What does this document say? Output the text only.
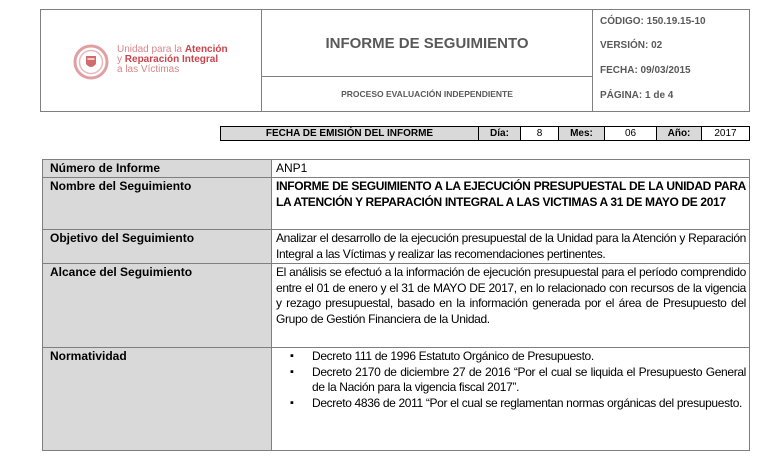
Unidad para la Atención
y Reparación Integral
a las Víctimas
INFORME DE SEGUIMIENTO
PROCESO EVALUACIÓN INDEPENDIENTE
CÓDIGO: 150.19.15-10
VERSIÓN: 02
FECHA: 09/03/2015
PÁGINA: 1 de 4
FECHA DE EMISIÓN DEL INFORME	Día:	8	Mes:	06	Año:	2017
Número de Informe	ANP1
Nombre del Seguimiento	INFORME DE SEGUIMIENTO A LA EJECUCIÓN PRESUPUESTAL DE LA UNIDAD PARA LA ATENCIÓN Y REPARACIÓN INTEGRAL A LAS VICTIMAS A 31 DE MAYO DE 2017
Objetivo del Seguimiento	Analizar el desarrollo de la ejecución presupuestal de la Unidad para la Atención y Reparación Integral a las Víctimas y realizar las recomendaciones pertinentes.
Alcance del Seguimiento	El análisis se efectuó a la información de ejecución presupuestal para el período comprendido entre el 01 de enero y el 31 de MAYO DE 2017, en lo relacionado con recursos de la vigencia y rezago presupuestal, basado en la información generada por el área de Presupuesto del Grupo de Gestión Financiera de la Unidad.
Normatividad
▪	Decreto 111 de 1996 Estatuto Orgánico de Presupuesto.
▪ Decreto 2170 de diciembre 27 de 2016 “Por el cual se liquida el Presupuesto General de la Nación para la vigencia fiscal 2017”.
▪ Decreto 4836 de 2011 “Por el cual se reglamentan normas orgánicas del presupuesto.
